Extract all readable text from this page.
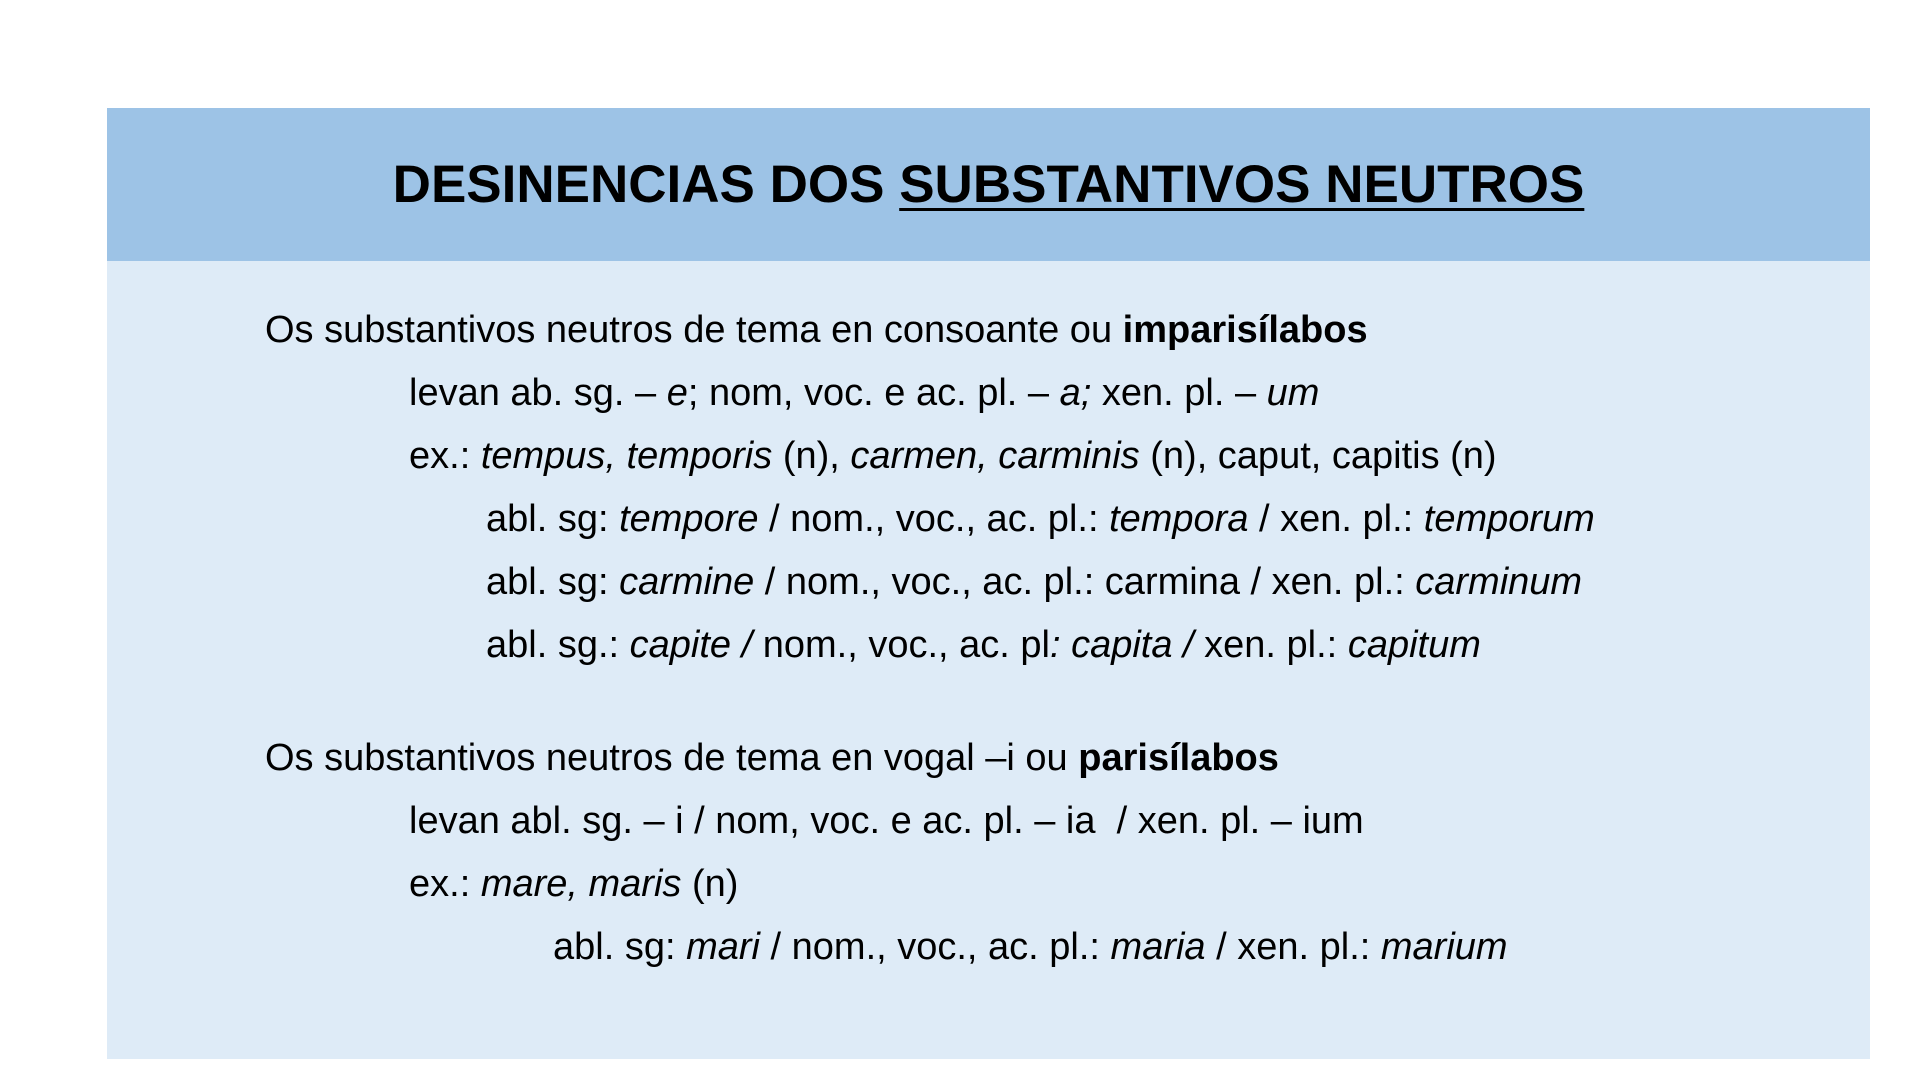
DESINENCIAS DOS SUBSTANTIVOS NEUTROS
Os substantivos neutros de tema en consoante ou imparisílabos
levan ab. sg. – e; nom, voc. e ac. pl. – a; xen. pl. – um
ex.: tempus, temporis (n), carmen, carminis (n), caput, capitis (n)
abl. sg: tempore / nom., voc., ac. pl.: tempora / xen. pl.: temporum
abl. sg: carmine / nom., voc., ac. pl.: carmina / xen. pl.: carminum
abl. sg.: capite / nom., voc., ac. pl: capita / xen. pl.: capitum
Os substantivos neutros de tema en vogal –i ou parisílabos
levan abl. sg. – i / nom, voc. e ac. pl. – ia  / xen. pl. – ium
ex.: mare, maris (n)
abl. sg: mari / nom., voc., ac. pl.: maria / xen. pl.: marium
